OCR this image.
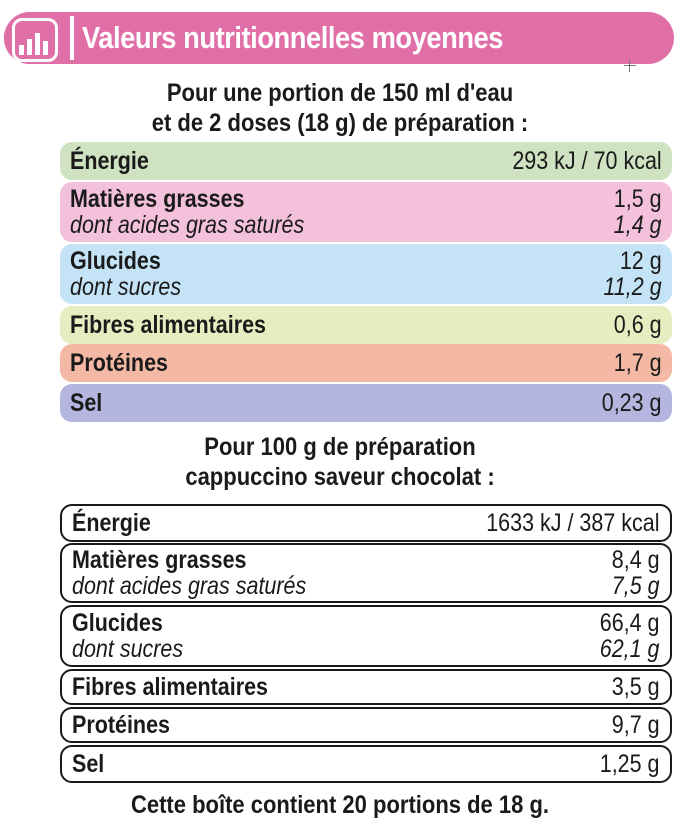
Valeurs nutritionnelles moyennes
Pour une portion de 150 ml d'eau
et de 2 doses (18 g) de préparation :
Énergie	293 kJ / 70 kcal
Matières grasses	1,5 g
dont acides gras saturés	1,4 g
Glucides	12 g
dont sucres	11,2 g
Fibres alimentaires	0,6 g
Protéines	1,7 g
Sel	0,23 g
Pour 100 g de préparation
cappuccino saveur chocolat :
Énergie	1633 kJ / 387 kcal
Matières grasses	8,4 g
dont acides gras saturés	7,5 g
Glucides	66,4 g
dont sucres	62,1 g
Fibres alimentaires	3,5 g
Protéines	9,7 g
Sel	1,25 g
Cette boîte contient 20 portions de 18 g.
